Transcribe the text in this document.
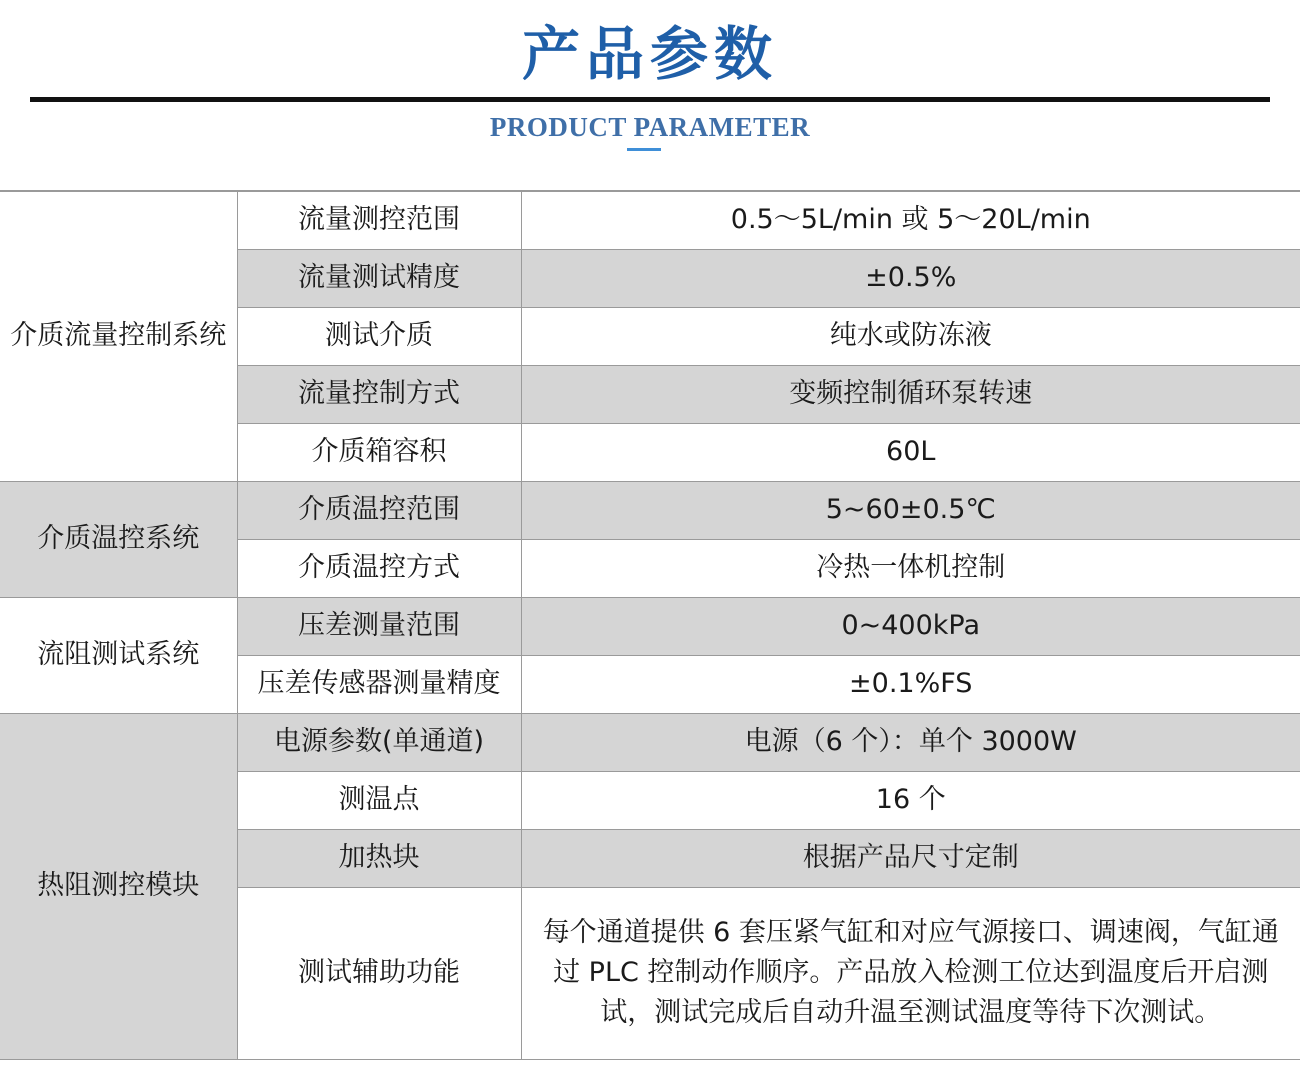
产品参数
PRODUCT PARAMETER
介质流量控制系统	流量测控范围	0.5～5L/min 或 5～20L/min
	流量测试精度	±0.5%
	测试介质	纯水或防冻液
	流量控制方式	变频控制循环泵转速
	介质箱容积	60L
介质温控系统	介质温控范围	5~60±0.5℃
	介质温控方式	冷热一体机控制
流阻测试系统	压差测量范围	0~400kPa
	压差传感器测量精度	±0.1%FS
热阻测控模块	电源参数(单通道)	电源（6 个）：单个 3000W
	测温点	16 个
	加热块	根据产品尺寸定制
	测试辅助功能	每个通道提供 6 套压紧气缸和对应气源接口、调速阀，气缸通过 PLC 控制动作顺序。产品放入检测工位达到温度后开启测试，测试完成后自动升温至测试温度等待下次测试。
